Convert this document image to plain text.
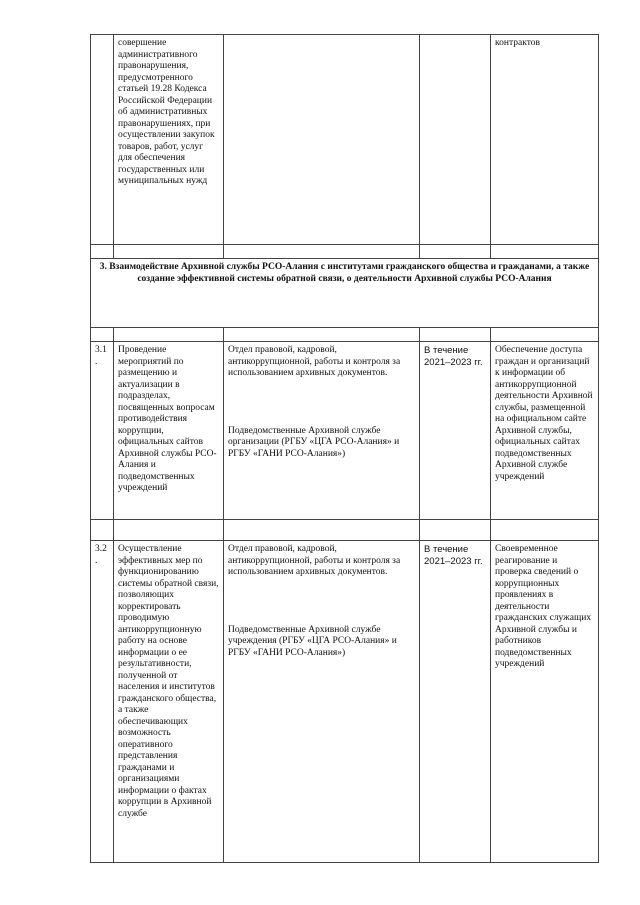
	совершение административного правонарушения, предусмотренного статьей 19.28 Кодекса Российской Федерации об административных правонарушениях, при осуществлении закупок товаров, работ, услуг для обеспечения государственных или муниципальных нужд			контрактов

3. Взаимодействие Архивной службы РСО-Алания с институтами гражданского общества и гражданами, а также создание эффективной системы обратной связи, о деятельности Архивной службы РСО-Алания				

3.1.	Проведение мероприятий по размещению и актуализации в подразделах, посвященных вопросам противодействия коррупции, официальных сайтов Архивной службы РСО-Алания и подведомственных учреждений	Отдел правовой, кадровой, антикоррупционной, работы и контроля за использованием архивных документов.
Подведомственные Архивной службе организации (РГБУ «ЦГА РСО-Алания» и РГБУ «ГАНИ РСО-Алания»)	В течение 2021–2023 гг.	Обеспечение доступа граждан и организаций к информации об антикоррупционной деятельности Архивной службы, размещенной на официальном сайте Архивной службы, официальных сайтах подведомственных Архивной службе учреждений

3.2.	Осуществление эффективных мер по функционированию системы обратной связи, позволяющих корректировать проводимую антикоррупционную работу на основе информации о ее результативности, полученной от населения и институтов гражданского общества, а также обеспечивающих возможность оперативного представления гражданами и организациями информации о фактах коррупции в Архивной службе	Отдел правовой, кадровой, антикоррупционной, работы и контроля за использованием архивных документов.
Подведомственные Архивной службе учреждения (РГБУ «ЦГА РСО-Алания» и РГБУ «ГАНИ РСО-Алания»)	В течение 2021–2023 гг.	Своевременное реагирование и проверка сведений о коррупционных проявлениях в деятельности гражданских служащих Архивной службы и работников подведомственных учреждений
